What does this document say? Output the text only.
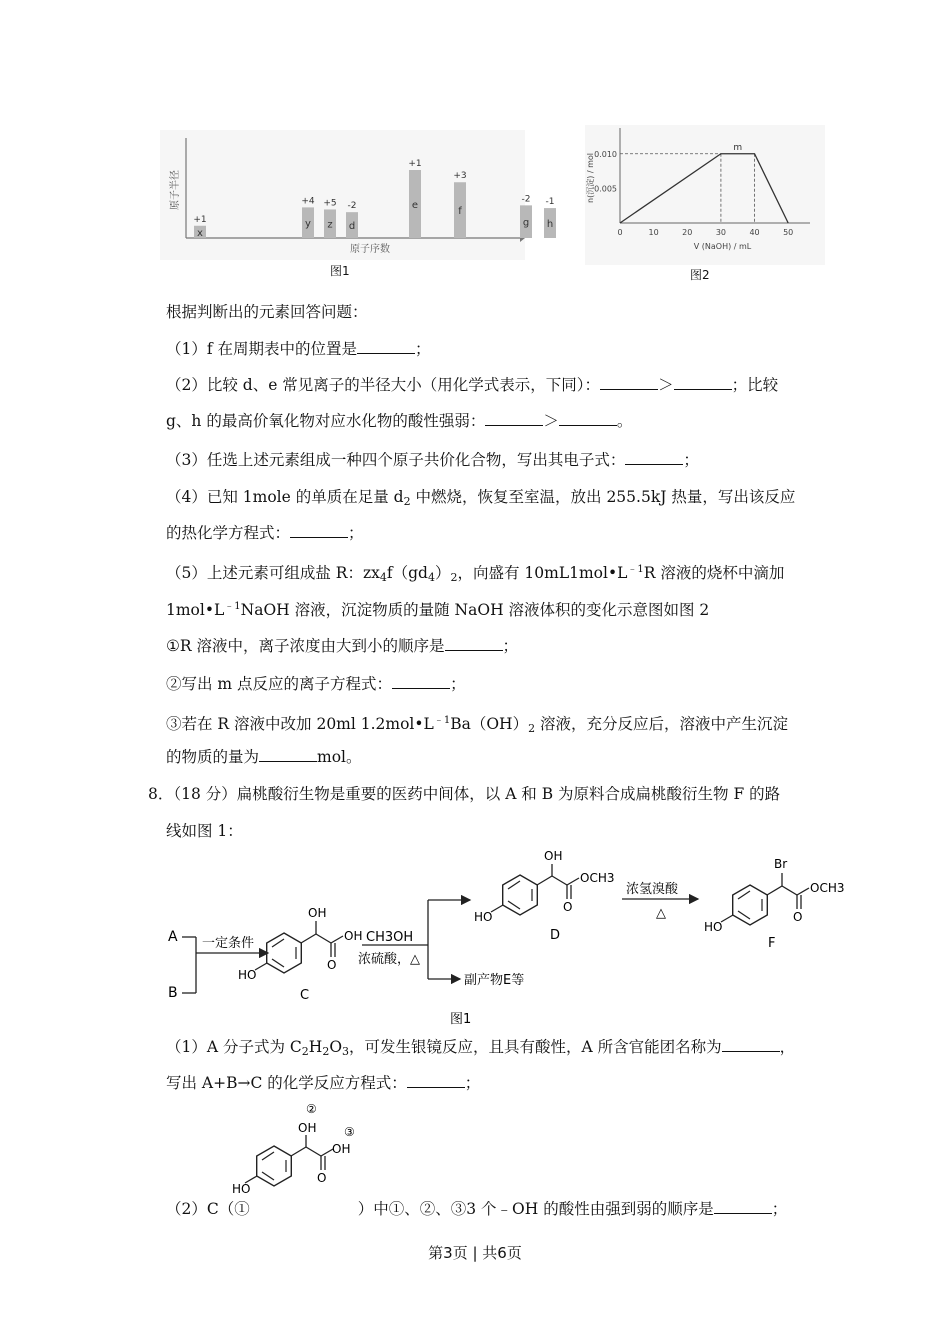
原子半径
原子序数
x
+1	y
+4
z
+5
d
-2	e
+1
f
+3
g
-2
h
-1
图1
0	10	20	30	40	50
0.005
0.010
m
V (NaOH) / mL
n(沉淀) / mol
图2
根据判断出的元素回答问题：
（1）f 在周期表中的位置是	；
（2）比较 d、e 常见离子的半径大小（用化学式表示，下同）：	＞	；比较
g、h 的最高价氧化物对应水化物的酸性强弱：	＞	。
（3）任选上述元素组成一种四个原子共价化合物，写出其电子式：	；
（4）已知 1mole 的单质在足量 $d_2$ 中燃烧，恢复至室温，放出 255.5kJ 热量，写出该反应
的热化学方程式：	；
（5）上述元素可组成盐 R：$zx_4f(gd_4)_2$，向盛有 $10mL1mol•L^{﹣1}R$ 溶液的烧杯中滴加
$1mol•L^{﹣1}NaOH$ 溶液，沉淀物质的量随 NaOH 溶液体积的变化示意图如图 2
①R 溶液中，离子浓度由大到小的顺序是	；
②写出 m 点反应的离子方程式：	；
③若在 R 溶液中改加 20ml $1.2mol•L^{﹣1}Ba(OH)_2$ 溶液，充分反应后，溶液中产生沉淀
的物质的量为	mol。
8．（18 分）扁桃酸衍生物是重要的医药中间体，以 A 和 B 为原料合成扁桃酸衍生物 F 的路
线如图 1：
A
B
一定条件
HO
OH
O
OH
C
CH3OH
浓硫酸，△
副产物E等
HO
OH
O
OCH3
D
浓氢溴酸
△
HO
Br
O
OCH3
F
图1
（1）A 分子式为 $C_2H_2O_3$，可发生银镜反应，且具有酸性，A 所含官能团名称为	，
写出 A+B→C 的化学反应方程式：	；
HO
OH
②
O
OH
③
（2）C（①	）中①、②、③3 个﹣OH 的酸性由强到弱的顺序是	；
第3页 | 共6页
